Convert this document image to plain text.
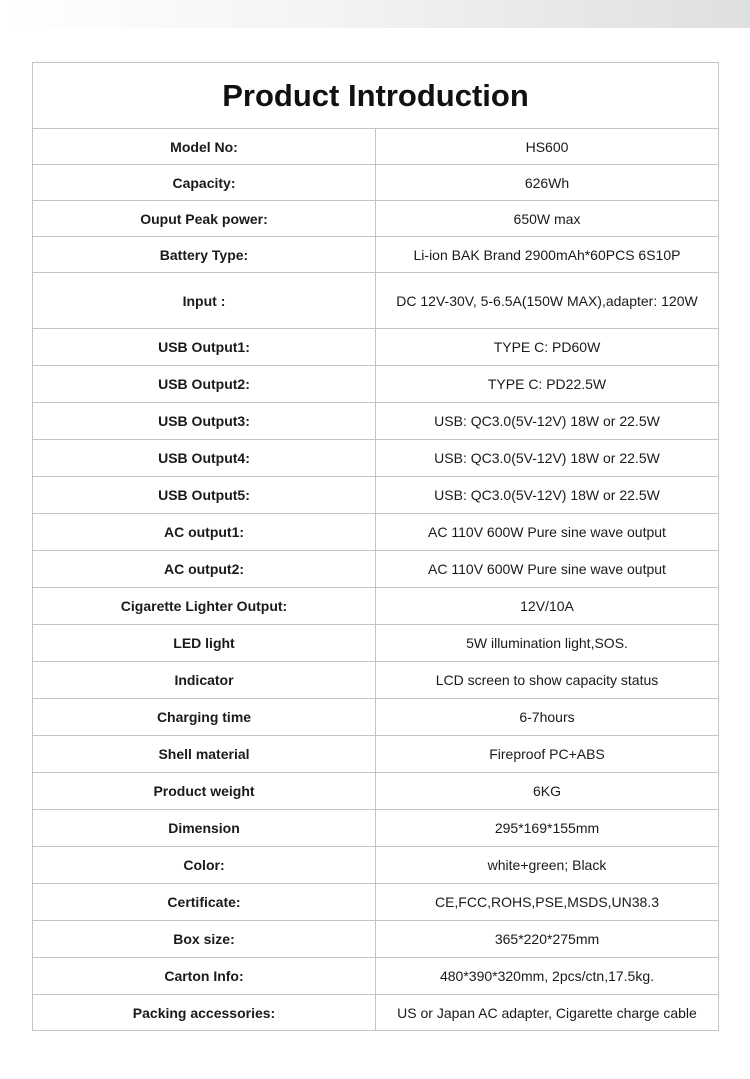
Product Introduction	
Model No:	HS600
Capacity:	626Wh
Ouput Peak power:	650W max
Battery Type:	Li-ion BAK Brand 2900mAh*60PCS 6S10P
Input :	DC 12V-30V, 5-6.5A(150W MAX),adapter: 120W
USB Output1:	TYPE C: PD60W
USB Output2:	TYPE C: PD22.5W
USB Output3:	USB: QC3.0(5V-12V) 18W or 22.5W
USB Output4:	USB: QC3.0(5V-12V) 18W or 22.5W
USB Output5:	USB: QC3.0(5V-12V) 18W or 22.5W
AC output1:	AC 110V 600W Pure sine wave output
AC output2:	AC 110V 600W Pure sine wave output
Cigarette Lighter Output:	12V/10A
LED light	5W illumination light,SOS.
Indicator	LCD screen to show capacity status
Charging time	6-7hours
Shell material	Fireproof PC+ABS
Product weight	6KG
Dimension	295*169*155mm
Color:	white+green; Black
Certificate:	CE,FCC,ROHS,PSE,MSDS,UN38.3
Box size:	365*220*275mm
Carton Info:	480*390*320mm, 2pcs/ctn,17.5kg.
Packing accessories:	US or Japan AC adapter, Cigarette charge cable
